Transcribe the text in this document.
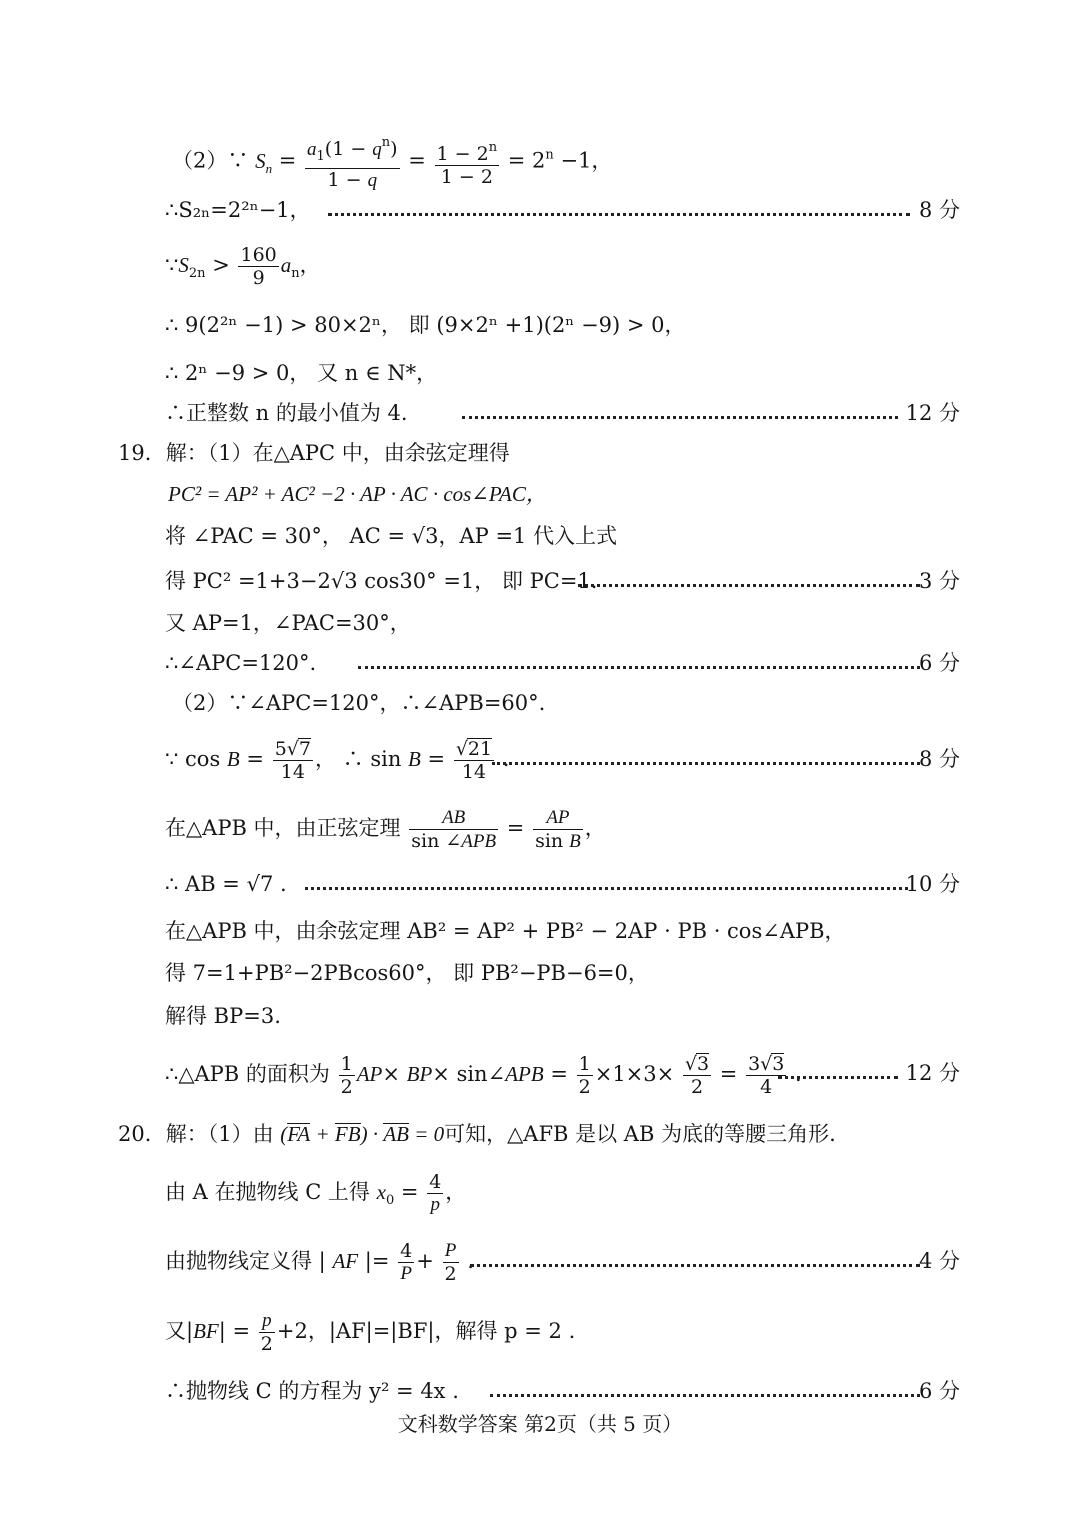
（2）∵ $S_n = \frac{a_1(1 - q^n)}{1 - q} = \frac{1 - 2^n}{1 - 2} = 2^n -1$，
∴S₂ₙ=2²ⁿ−1，	8 分
$\because S_{2n} > \frac{160}{9} a_n$，
∴ 9(2²ⁿ −1) > 80×2ⁿ， 即 (9×2ⁿ +1)(2ⁿ −9) > 0，
∴ 2ⁿ −9 > 0， 又 n ∈ N*，
∴正整数 n 的最小值为 4.	12 分
19．解：（1）在△APC 中，由余弦定理得
PC² = AP² + AC² −2 · AP · AC · cos∠PAC，
将 ∠PAC = 30°， AC = √3，AP =1 代入上式
得 PC² =1+3−2√3 cos30° =1， 即 PC=1.	3 分
又 AP=1，∠PAC=30°，
∴∠APC=120°.	6 分
（2）∵∠APC=120°，∴∠APB=60°.
∵ $\cos B = \frac{5√7}{14}$ ， ∴ $\sin B = \frac{√21}{14}$ .	8 分
在△APB 中，由正弦定理 $\frac{AB}{\text{sin ∠APB}} = \frac{AP}{\text{sin B}}$ ，
∴ AB = √7 .	10 分
在△APB 中，由余弦定理 AB² = AP² + PB² − 2AP · PB · cos∠APB，
得 7=1+PB²−2PBcos60°， 即 PB²−PB−6=0，
解得 BP=3.
∴△APB 的面积为 $\frac{1}{2} AP\times BP\times$ sin∠APB = $\frac{1}{2} \times 1\times 3\times \frac{√3}{2} = \frac{3√3}{4}$ .	12 分
20．解：（1）由 (FA + FB) · AB = 0可知，△AFB 是以 AB 为底的等腰三角形.
由 A 在抛物线 C 上得 $x_0 = \frac{4}{p}$ ，
由抛物线定义得 | AF |= $\frac{4}{P} + \frac{P}{2}$ .	4 分
又$|BF| = \frac{p}{2} +2$，|AF|=|BF|，解得 p = 2 .
∴抛物线 C 的方程为 y² = 4x .	6 分
文科数学答案 第2页（共 5 页）
